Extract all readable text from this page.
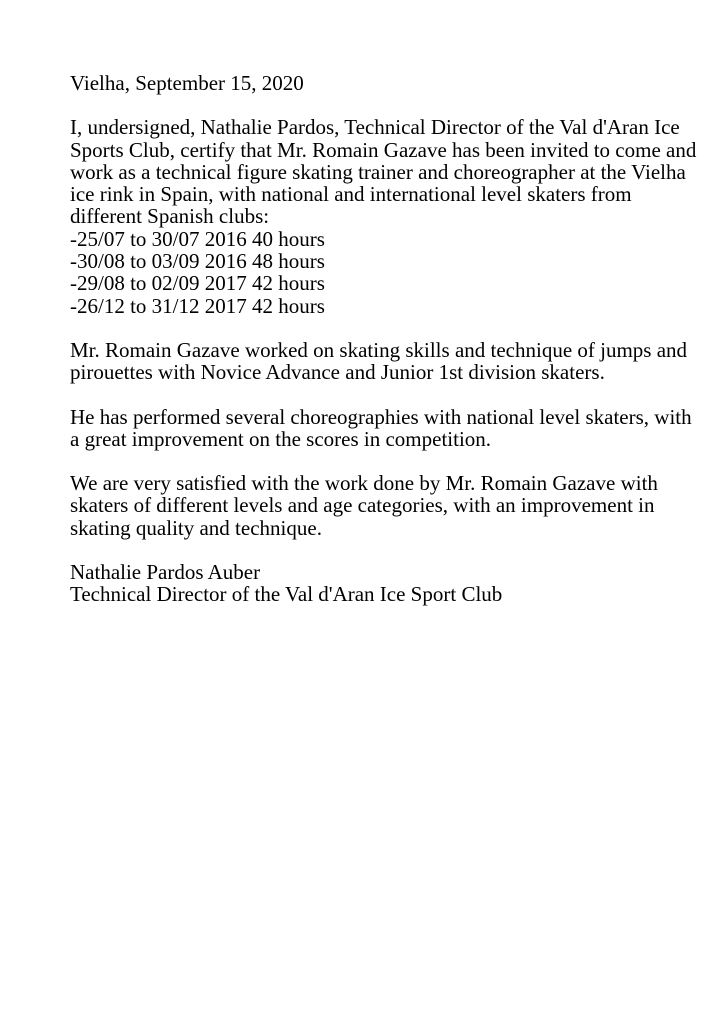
Vielha, September 15, 2020
I, undersigned, Nathalie Pardos, Technical Director of the Val d'Aran Ice
Sports Club, certify that Mr. Romain Gazave has been invited to come and
work as a technical figure skating trainer and choreographer at the Vielha
ice rink in Spain, with national and international level skaters from
different Spanish clubs:
-25/07 to 30/07 2016 40 hours
-30/08 to 03/09 2016 48 hours
-29/08 to 02/09 2017 42 hours
-26/12 to 31/12 2017 42 hours
Mr. Romain Gazave worked on skating skills and technique of jumps and
pirouettes with Novice Advance and Junior 1st division skaters.
He has performed several choreographies with national level skaters, with
a great improvement on the scores in competition.
We are very satisfied with the work done by Mr. Romain Gazave with
skaters of different levels and age categories, with an improvement in
skating quality and technique.
Nathalie Pardos Auber
Technical Director of the Val d'Aran Ice Sport Club
